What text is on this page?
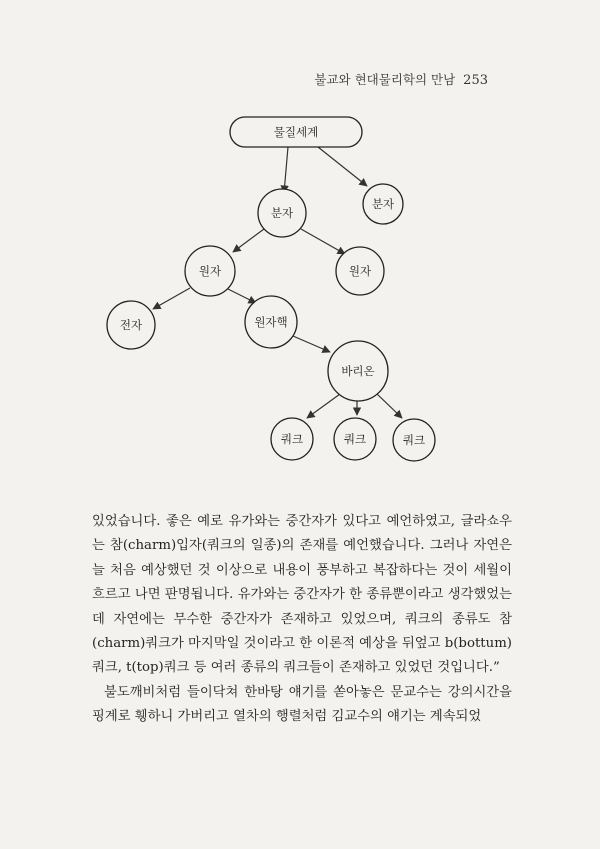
불교와 현대물리학의 만남 253
물질세계
분자
분자
원자	원자
전자	원자핵
바리온
쿼크	쿼크	쿼크

있었습니다. 좋은 예로 유가와는 중간자가 있다고 예언하였고, 글라쇼우는 참(charm)입자(쿼크의 일종)의 존재를 예언했습니다. 그러나 자연은 늘 처음 예상했던 것 이상으로 내용이 풍부하고 복잡하다는 것이 세월이 흐르고 나면 판명됩니다. 유가와는 중간자가 한 종류뿐이라고 생각했었는데 자연에는 무수한 중간자가 존재하고 있었으며, 쿼크의 종류도 참(charm)쿼크가 마지막일 것이라고 한 이론적 예상을 뒤엎고 b(bottum)쿼크, t(top)쿼크 등 여러 종류의 쿼크들이 존재하고 있었던 것입니다.”

불도깨비처럼 들이닥쳐 한바탕 얘기를 쏟아놓은 문교수는 강의시간을 핑계로 휑하니 가버리고 열차의 행렬처럼 김교수의 얘기는 계속되었
